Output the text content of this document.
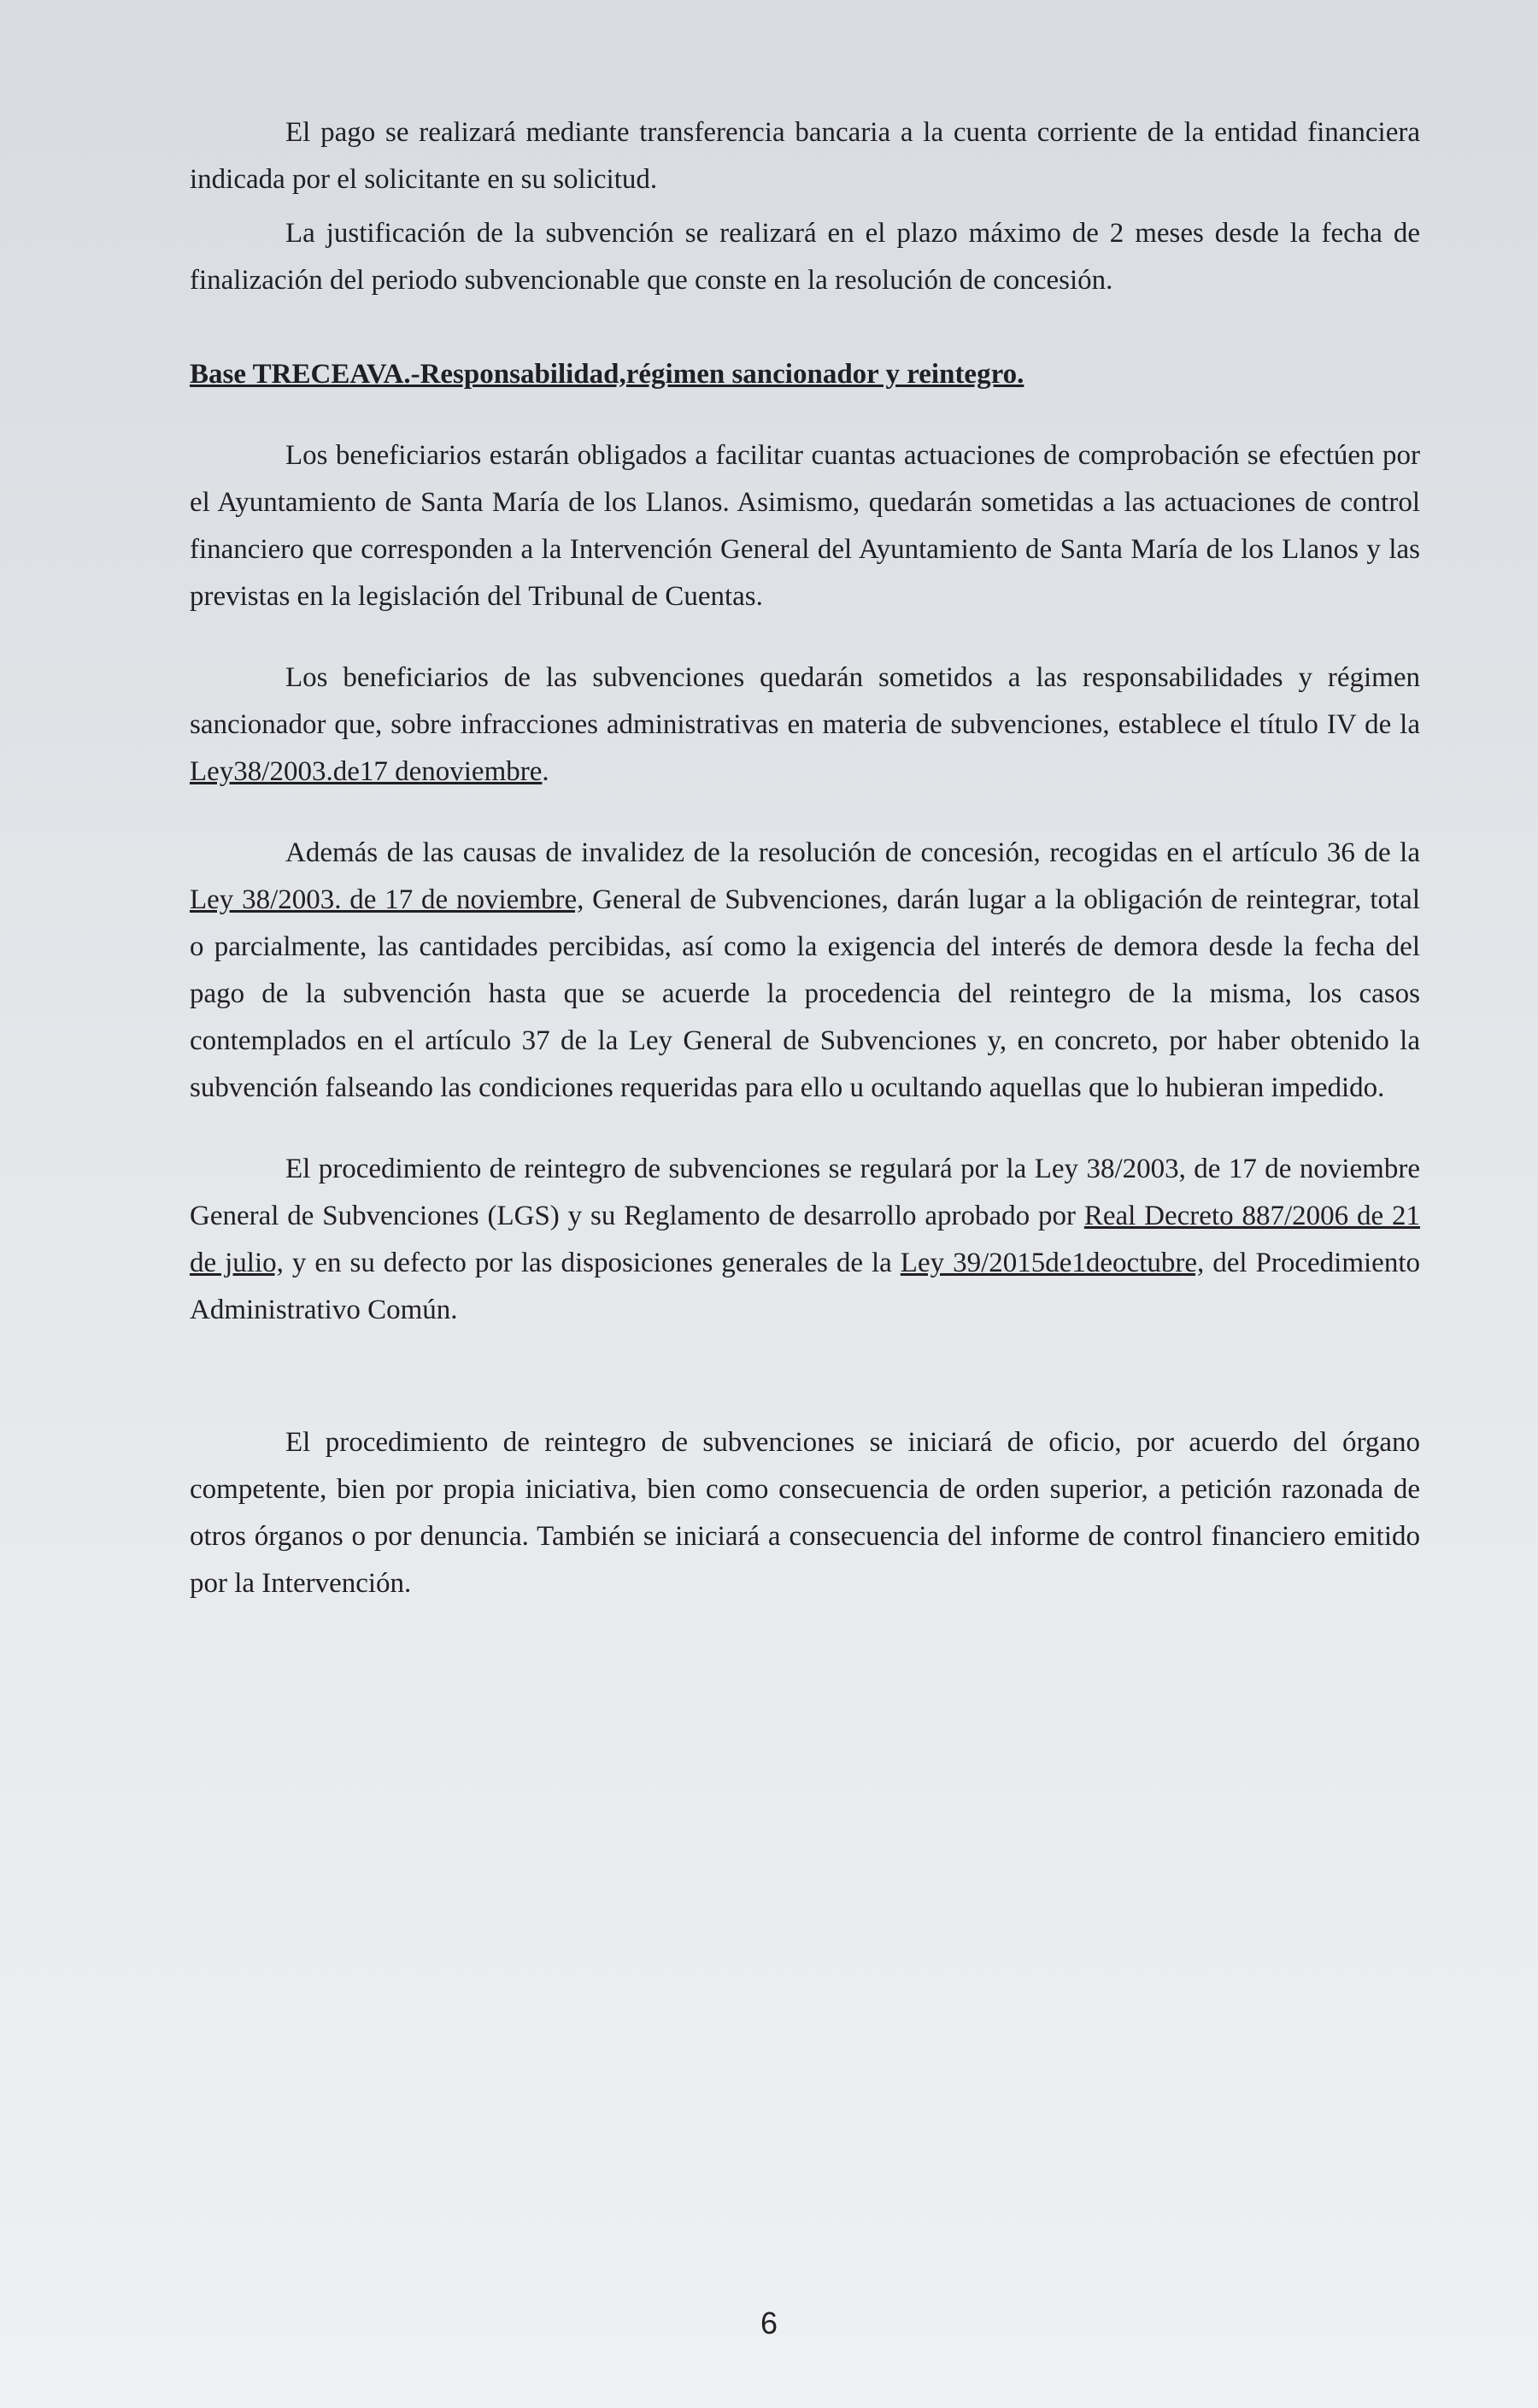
El pago se realizará mediante transferencia bancaria a la cuenta corriente de la entidad financiera indicada por el solicitante en su solicitud.

La justificación de la subvención se realizará en el plazo máximo de 2 meses desde la fecha de finalización del periodo subvencionable que conste en la resolución de concesión.

Base TRECEAVA.-Responsabilidad,régimen sancionador y reintegro.

Los beneficiarios estarán obligados a facilitar cuantas actuaciones de comprobación se efectúen por el Ayuntamiento de Santa María de los Llanos. Asimismo, quedarán sometidas a las actuaciones de control financiero que corresponden a la Intervención General del Ayuntamiento de Santa María de los Llanos y las previstas en la legislación del Tribunal de Cuentas.

Los beneficiarios de las subvenciones quedarán sometidos a las responsabilidades y régimen sancionador que, sobre infracciones administrativas en materia de subvenciones, establece el título IV de la Ley38/2003.de17 denoviembre.

Además de las causas de invalidez de la resolución de concesión, recogidas en el artículo 36 de la Ley 38/2003. de 17 de noviembre, General de Subvenciones, darán lugar a la obligación de reintegrar, total o parcialmente, las cantidades percibidas, así como la exigencia del interés de demora desde la fecha del pago de la subvención hasta que se acuerde la procedencia del reintegro de la misma, los casos contemplados en el artículo 37 de la Ley General de Subvenciones y, en concreto, por haber obtenido la subvención falseando las condiciones requeridas para ello u ocultando aquellas que lo hubieran impedido.

El procedimiento de reintegro de subvenciones se regulará por la Ley 38/2003, de 17 de noviembre General de Subvenciones (LGS) y su Reglamento de desarrollo aprobado por Real Decreto 887/2006 de 21 de julio, y en su defecto por las disposiciones generales de la Ley 39/2015de1deoctubre, del Procedimiento Administrativo Común.

El procedimiento de reintegro de subvenciones se iniciará de oficio, por acuerdo del órgano competente, bien por propia iniciativa, bien como consecuencia de orden superior, a petición razonada de otros órganos o por denuncia. También se iniciará a consecuencia del informe de control financiero emitido por la Intervención.

6
